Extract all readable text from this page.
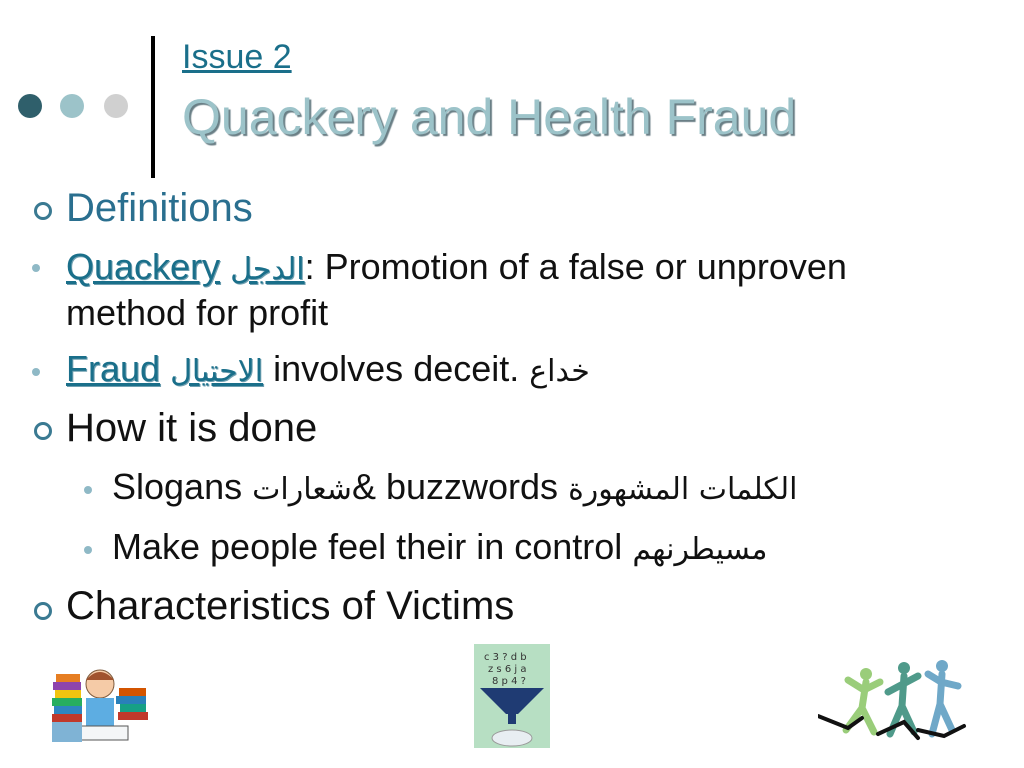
Issue 2
Quackery and Health Fraud
Definitions
Quackery الدجل: Promotion of a false or unproven
method for profit
Fraud الاحتيال involves deceit. خداع
How it is done
Slogans شعارات& buzzwords الكلمات المشهورة
Make people feel their in control مسيطرنهم
Characteristics of Victims
c 3 ? d b
z s 6 j a
8 p 4 ?
